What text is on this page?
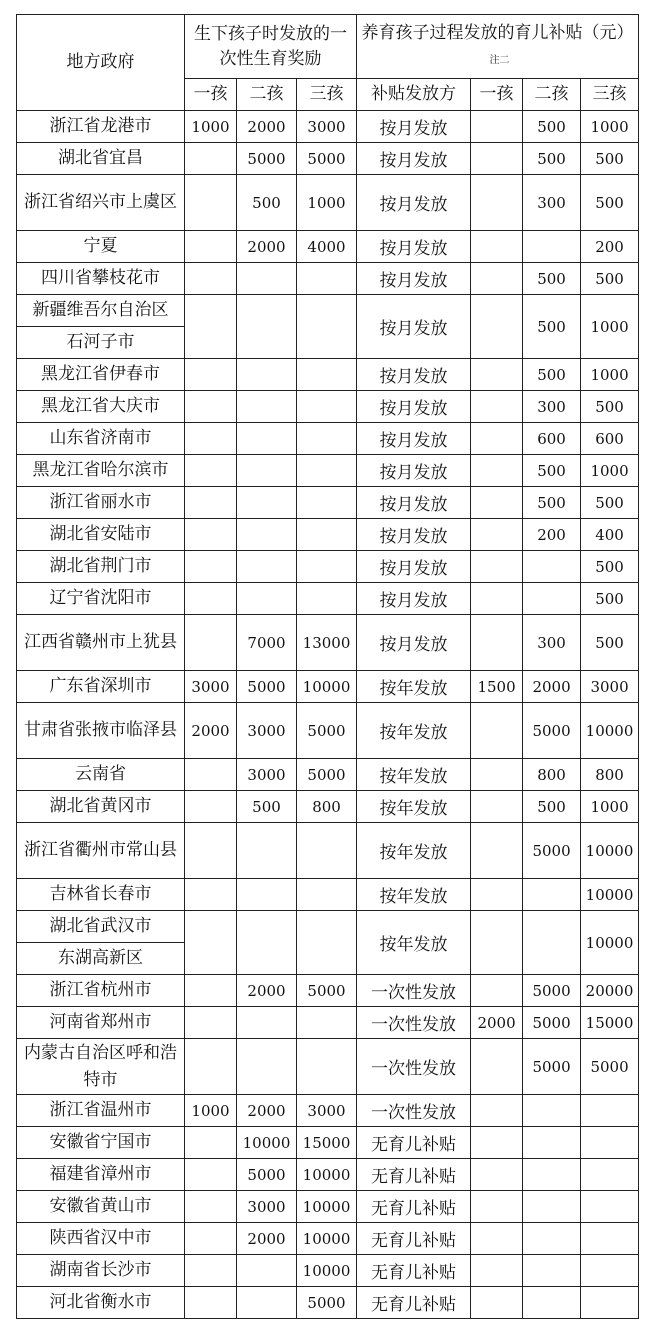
地方政府	生下孩子时发放的一次性生育奖励			养育孩子过程发放的育儿补贴（元）注二			
	一孩	二孩	三孩	补贴发放方	一孩	二孩	三孩
浙江省龙港市	1000	2000	3000	按月发放		500	1000
湖北省宜昌		5000	5000	按月发放		500	500
浙江省绍兴市上虞区		500	1000	按月发放		300	500
宁夏		2000	4000	按月发放			200
四川省攀枝花市				按月发放		500	500
新疆维吾尔自治区				按月发放		500	1000
石河子市							
黑龙江省伊春市				按月发放		500	1000
黑龙江省大庆市				按月发放		300	500
山东省济南市				按月发放		600	600
黑龙江省哈尔滨市				按月发放		500	1000
浙江省丽水市				按月发放		500	500
湖北省安陆市				按月发放		200	400
湖北省荆门市				按月发放			500
辽宁省沈阳市				按月发放			500
江西省赣州市上犹县		7000	13000	按月发放		300	500
广东省深圳市	3000	5000	10000	按年发放	1500	2000	3000
甘肃省张掖市临泽县	2000	3000	5000	按年发放		5000	10000
云南省		3000	5000	按年发放		800	800
湖北省黄冈市		500	800	按年发放		500	1000
浙江省衢州市常山县				按年发放		5000	10000
吉林省长春市				按年发放			10000
湖北省武汉市				按年发放			10000
东湖高新区							
浙江省杭州市		2000	5000	一次性发放		5000	20000
河南省郑州市				一次性发放	2000	5000	15000
内蒙古自治区呼和浩特市				一次性发放		5000	5000
浙江省温州市	1000	2000	3000	一次性发放			
安徽省宁国市		10000	15000	无育儿补贴			
福建省漳州市		5000	10000	无育儿补贴			
安徽省黄山市		3000	10000	无育儿补贴			
陕西省汉中市		2000	10000	无育儿补贴			
湖南省长沙市			10000	无育儿补贴			
河北省衡水市			5000	无育儿补贴			
